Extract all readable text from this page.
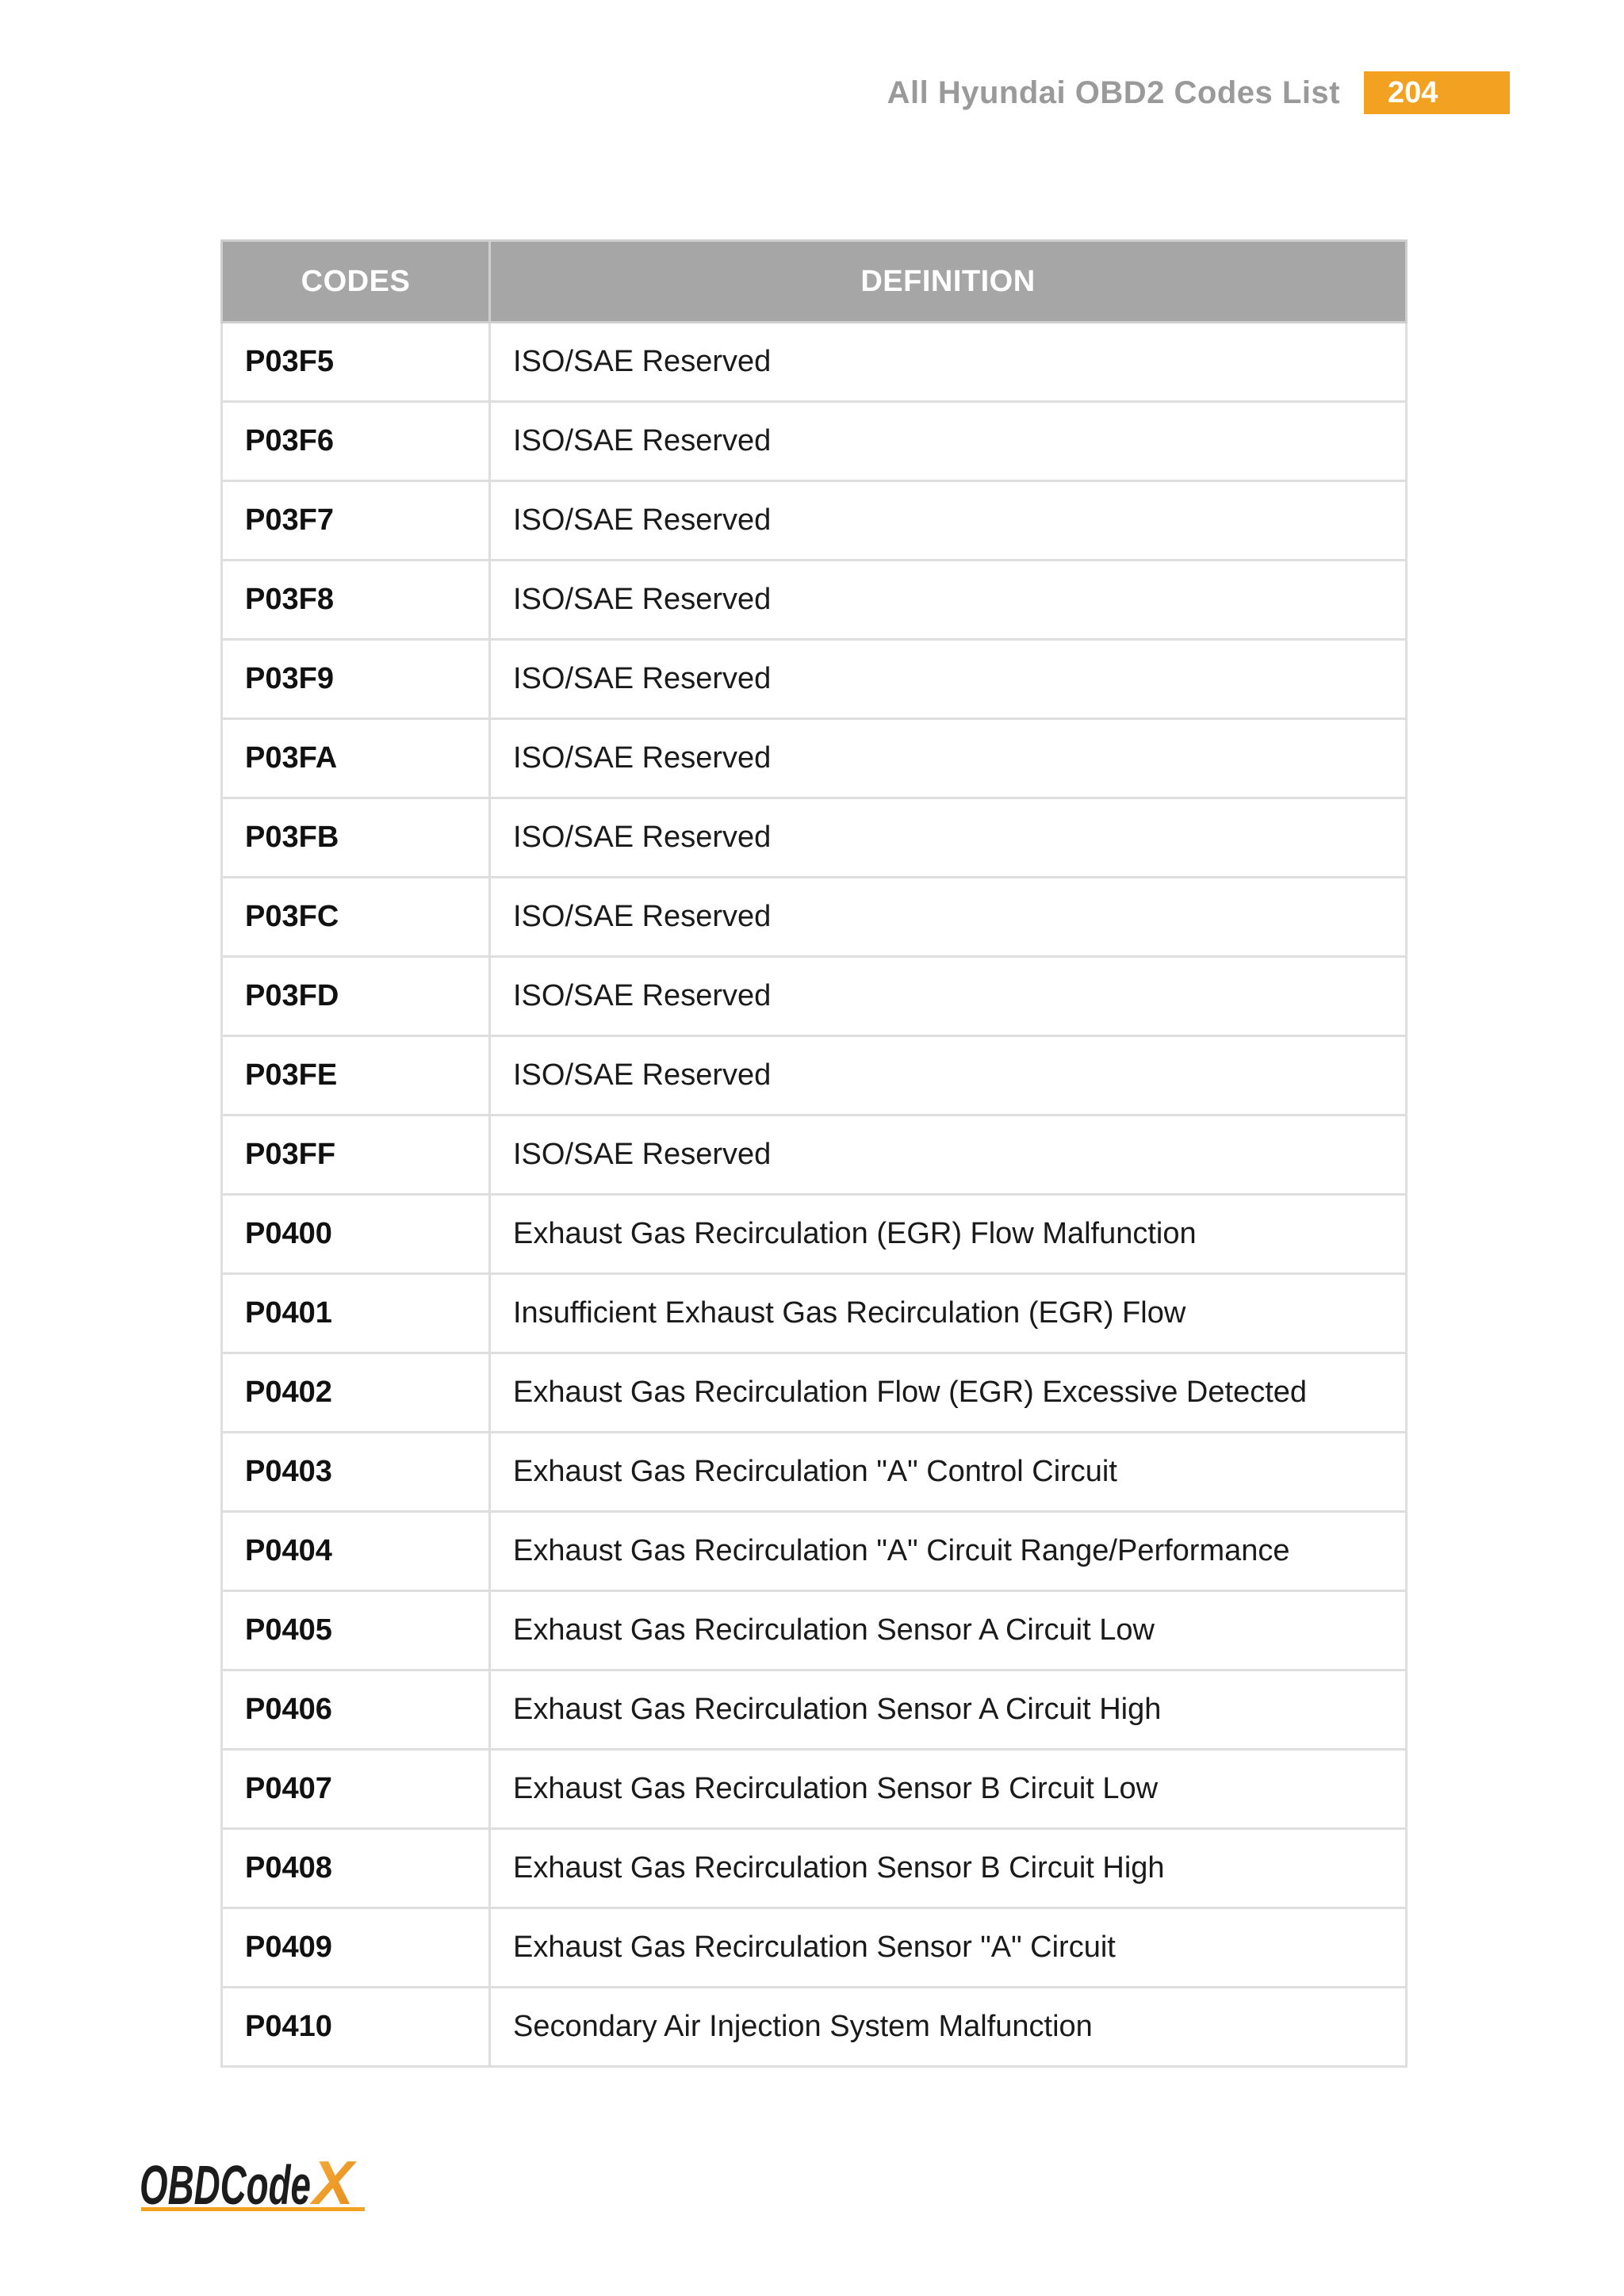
All Hyundai OBD2 Codes List	204
CODES	DEFINITION
P03F5	ISO/SAE Reserved
P03F6	ISO/SAE Reserved
P03F7	ISO/SAE Reserved
P03F8	ISO/SAE Reserved
P03F9	ISO/SAE Reserved
P03FA	ISO/SAE Reserved
P03FB	ISO/SAE Reserved
P03FC	ISO/SAE Reserved
P03FD	ISO/SAE Reserved
P03FE	ISO/SAE Reserved
P03FF	ISO/SAE Reserved
P0400	Exhaust Gas Recirculation (EGR) Flow Malfunction
P0401	Insufficient Exhaust Gas Recirculation (EGR) Flow
P0402	Exhaust Gas Recirculation Flow (EGR) Excessive Detected
P0403	Exhaust Gas Recirculation "A" Control Circuit
P0404	Exhaust Gas Recirculation "A" Circuit Range/Performance
P0405	Exhaust Gas Recirculation Sensor A Circuit Low
P0406	Exhaust Gas Recirculation Sensor A Circuit High
P0407	Exhaust Gas Recirculation Sensor B Circuit Low
P0408	Exhaust Gas Recirculation Sensor B Circuit High
P0409	Exhaust Gas Recirculation Sensor "A" Circuit
P0410	Secondary Air Injection System Malfunction
OBDCode X
